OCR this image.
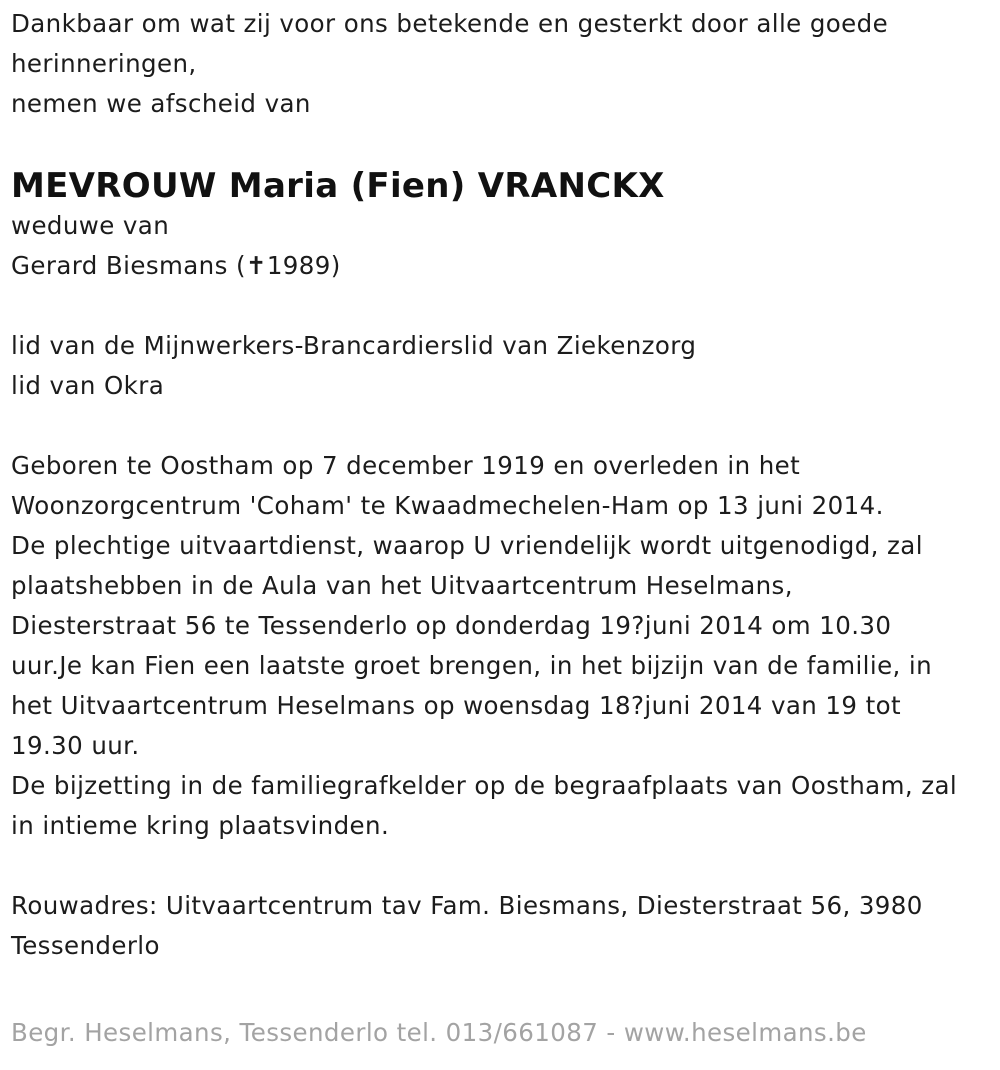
Dankbaar om wat zij voor ons betekende en gesterkt door alle goede
herinneringen,
nemen we afscheid van
MEVROUW Maria (Fien) VRANCKX
weduwe van
Gerard Biesmans (✝1989)
lid van de Mijnwerkers-Brancardierslid van Ziekenzorg
lid van Okra
Geboren te Oostham op 7 december 1919 en overleden in het Woonzorgcentrum 'Coham' te Kwaadmechelen-Ham op 13 juni 2014.
De plechtige uitvaartdienst, waarop U vriendelijk wordt uitgenodigd, zal
plaatshebben in de Aula van het Uitvaartcentrum Heselmans,
Diesterstraat 56 te Tessenderlo op donderdag 19?juni 2014 om 10.30
uur.Je kan Fien een laatste groet brengen, in het bijzijn van de familie, in
het Uitvaartcentrum Heselmans op woensdag 18?juni 2014 van 19 tot
19.30 uur.
De bijzetting in de familiegrafkelder op de begraafplaats van Oostham, zal in intieme kring plaatsvinden.
Rouwadres: Uitvaartcentrum tav Fam. Biesmans, Diesterstraat 56, 3980 Tessenderlo
Begr. Heselmans, Tessenderlo tel. 013/661087 - www.heselmans.be
